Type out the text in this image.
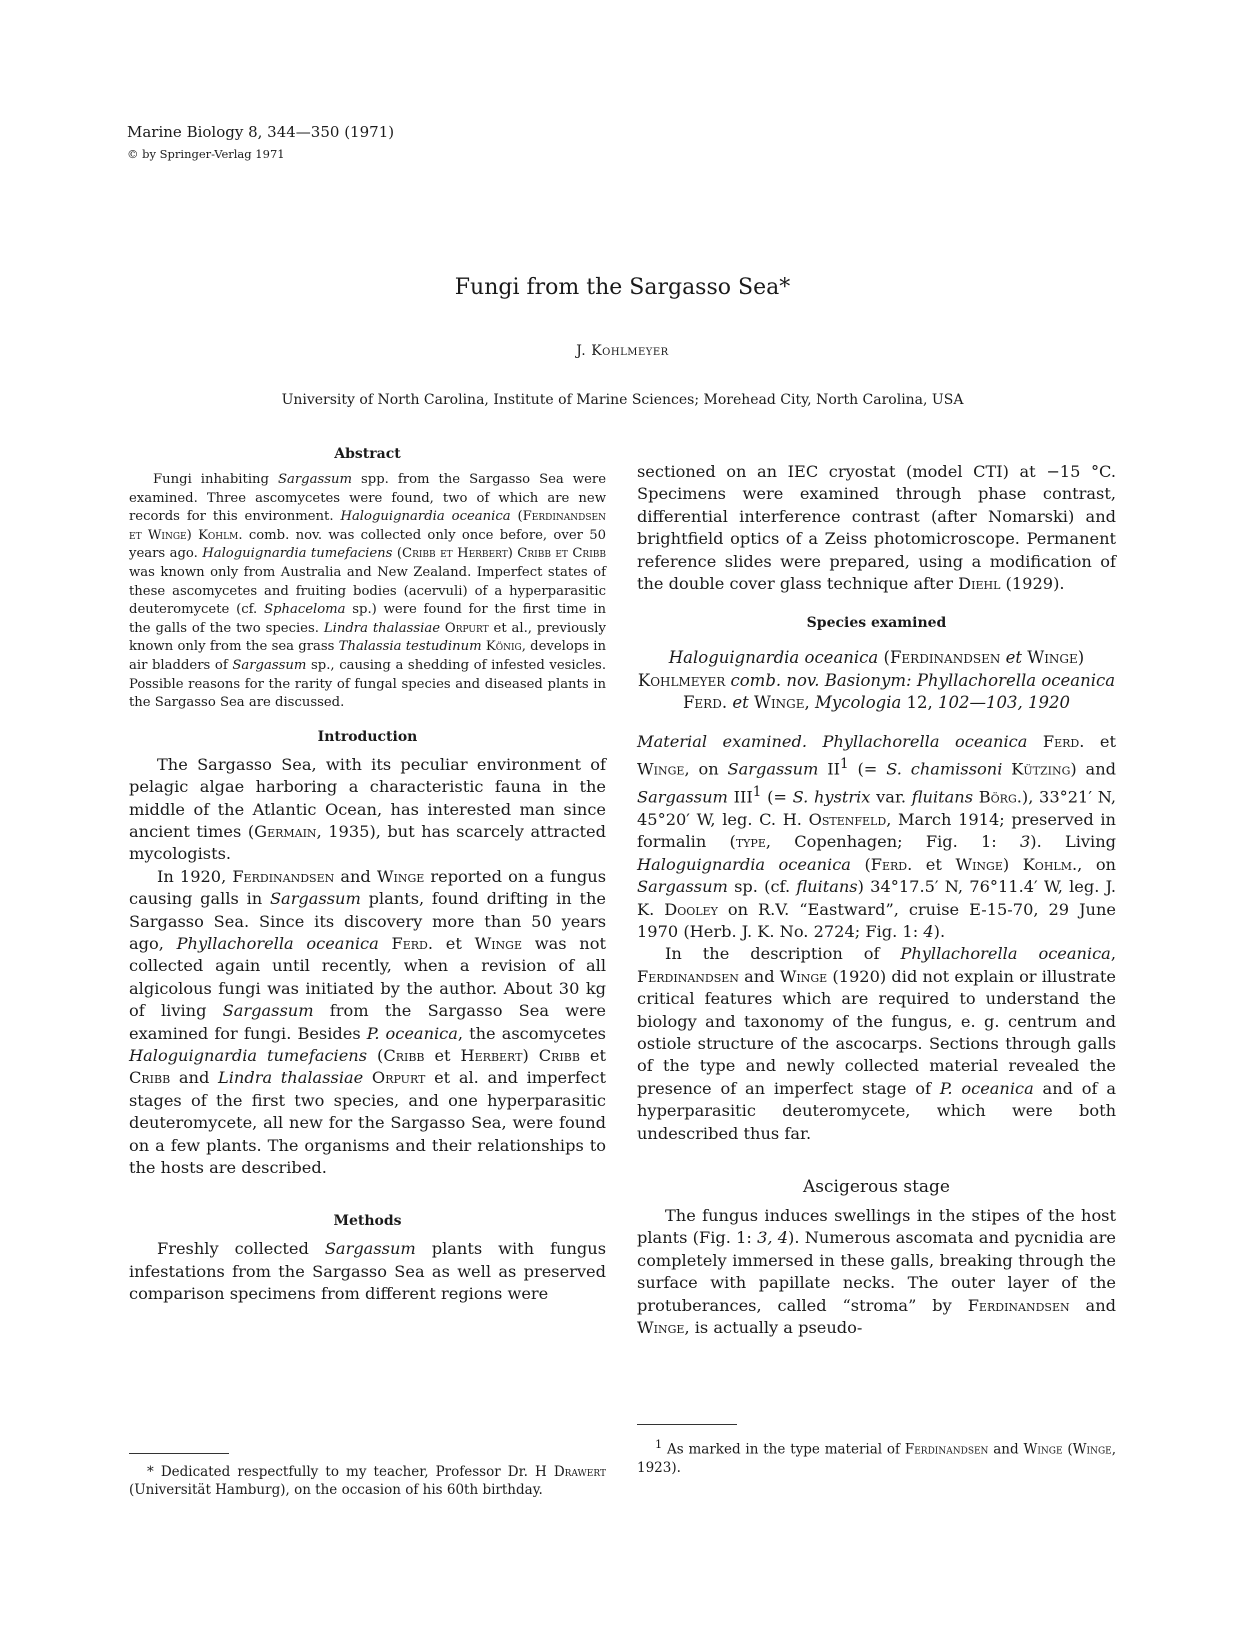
Marine Biology 8, 344—350 (1971)
© by Springer-Verlag 1971
Fungi from the Sargasso Sea*
J. Kohlmeyer
University of North Carolina, Institute of Marine Sciences; Morehead City, North Carolina, USA
Abstract

Fungi inhabiting Sargassum spp. from the Sargasso Sea were examined. Three ascomycetes were found, two of which are new records for this environment. Haloguignardia oceanica (Ferdinandsen et Winge) Kohlm. comb. nov. was collected only once before, over 50 years ago. Haloguignardia tumefaciens (Cribb et Herbert) Cribb et Cribb was known only from Australia and New Zealand. Imperfect states of these ascomycetes and fruiting bodies (acervuli) of a hyperparasitic deuteromycete (cf. Sphaceloma sp.) were found for the first time in the galls of the two species. Lindra thalassiae Orpurt et al., previously known only from the sea grass Thalassia testudinum König, develops in air bladders of Sargassum sp., causing a shedding of infested vesicles. Possible reasons for the rarity of fungal species and diseased plants in the Sargasso Sea are discussed.

Introduction

The Sargasso Sea, with its peculiar environment of pelagic algae harboring a characteristic fauna in the middle of the Atlantic Ocean, has interested man since ancient times (Germain, 1935), but has scarcely attracted mycologists.

In 1920, Ferdinandsen and Winge reported on a fungus causing galls in Sargassum plants, found drifting in the Sargasso Sea. Since its discovery more than 50 years ago, Phyllachorella oceanica Ferd. et Winge was not collected again until recently, when a revision of all algicolous fungi was initiated by the author. About 30 kg of living Sargassum from the Sargasso Sea were examined for fungi. Besides P. oceanica, the ascomycetes Haloguignardia tumefaciens (Cribb et Herbert) Cribb et Cribb and Lindra thalassiae Orpurt et al. and imperfect stages of the first two species, and one hyperparasitic deuteromycete, all new for the Sargasso Sea, were found on a few plants. The organisms and their relationships to the hosts are described.

Methods

Freshly collected Sargassum plants with fungus infestations from the Sargasso Sea as well as preserved comparison specimens from different regions were

* Dedicated respectfully to my teacher, Professor Dr. H Drawert (Universität Hamburg), on the occasion of his 60th birthday.

sectioned on an IEC cryostat (model CTI) at −15 °C. Specimens were examined through phase contrast, differential interference contrast (after Nomarski) and brightfield optics of a Zeiss photomicroscope. Permanent reference slides were prepared, using a modification of the double cover glass technique after Diehl (1929).

Species examined
Haloguignardia oceanica (Ferdinandsen et Winge) Kohlmeyer comb. nov. Basionym: Phyllachorella oceanica Ferd. et Winge, Mycologia 12, 102—103, 1920

Material examined. Phyllachorella oceanica Ferd. et Winge, on Sargassum $II^1$ (= S. chamissoni Kützing) and Sargassum III$^1$ (= S. hystrix var. fluitans Börg.), 33°21′ N, 45°20′ W, leg. C. H. Ostenfeld, March 1914; preserved in formalin (type, Copenhagen; Fig. 1: 3). Living Haloguignardia oceanica (Ferd. et Winge) Kohlm., on Sargassum sp. (cf. fluitans) 34°17.5′ N, 76°11.4′ W, leg. J. K. Dooley on R.V. “Eastward”, cruise E-15-70, 29 June 1970 (Herb. J. K. No. 2724; Fig. 1: 4).

In the description of Phyllachorella oceanica, Ferdinandsen and Winge (1920) did not explain or illustrate critical features which are required to understand the biology and taxonomy of the fungus, e. g. centrum and ostiole structure of the ascocarps. Sections through galls of the type and newly collected material revealed the presence of an imperfect stage of P. oceanica and of a hyperparasitic deuteromycete, which were both undescribed thus far.

Ascigerous stage

The fungus induces swellings in the stipes of the host plants (Fig. 1: 3, 4). Numerous ascomata and pycnidia are completely immersed in these galls, breaking through the surface with papillate necks. The outer layer of the protuberances, called “stroma” by Ferdinandsen and Winge, is actually a pseudo-

$^1$ As marked in the type material of Ferdinandsen and Winge (Winge, 1923).
